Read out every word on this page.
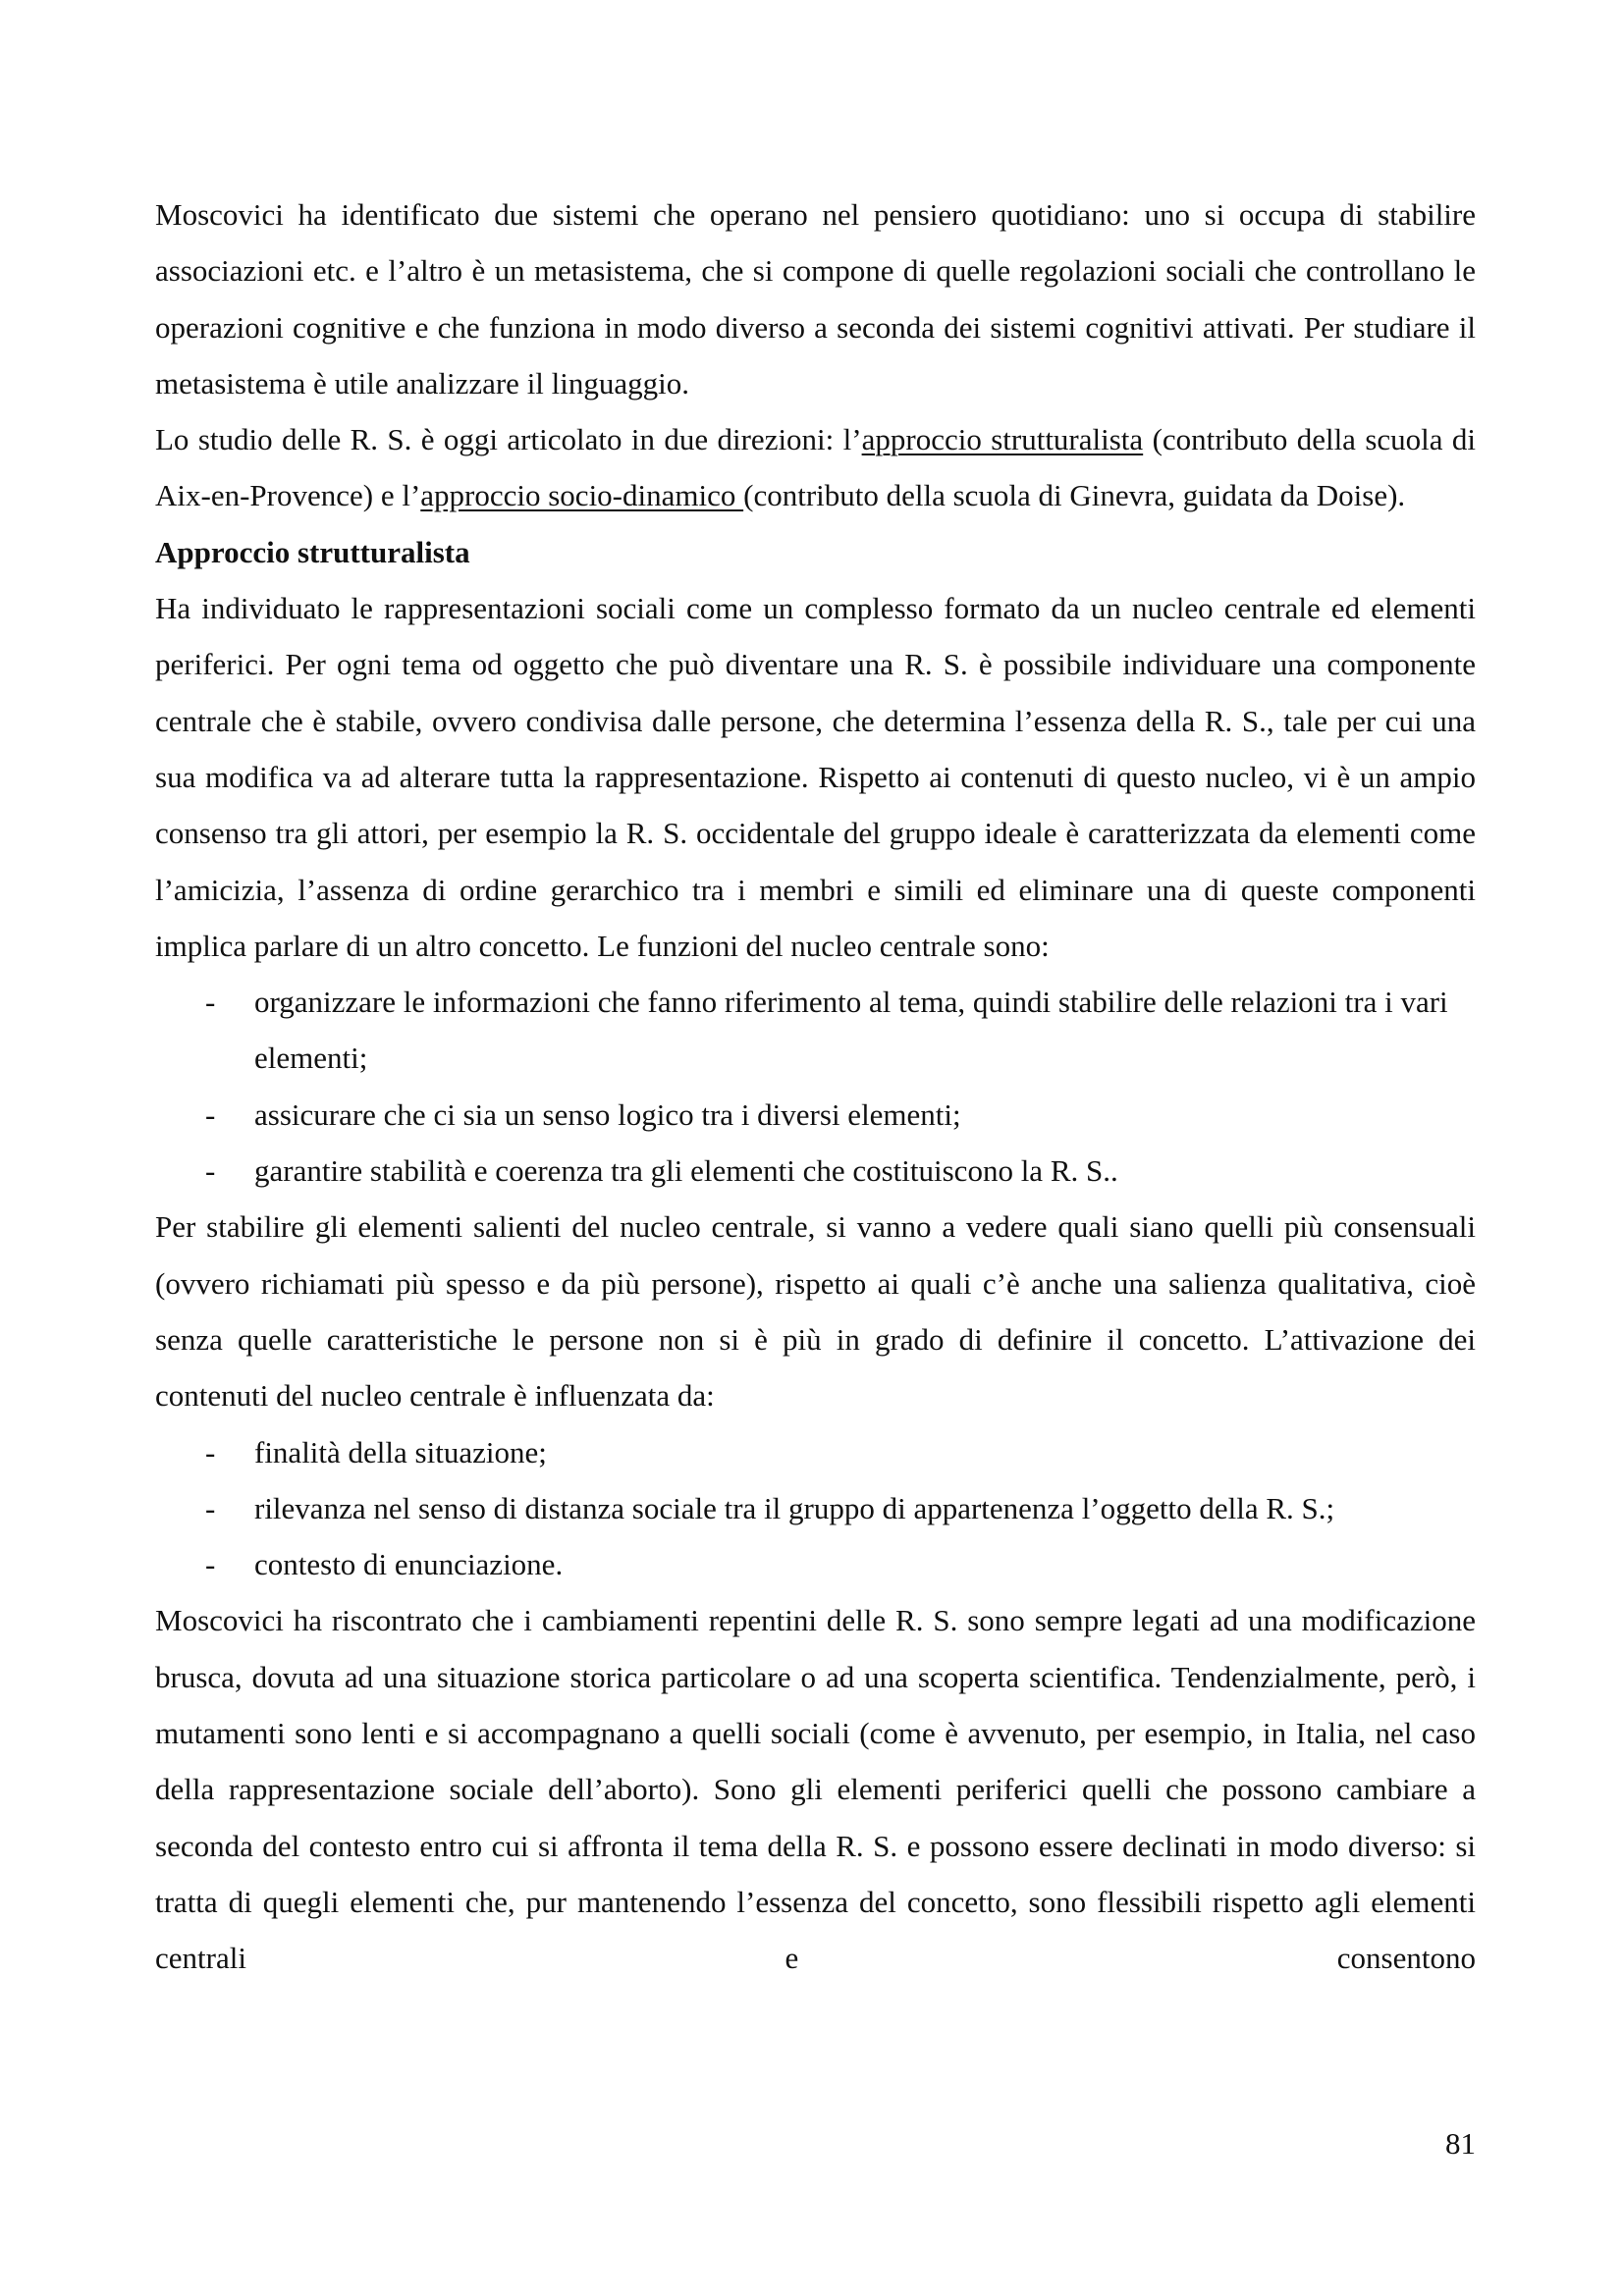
Moscovici ha identificato due sistemi che operano nel pensiero quotidiano: uno si occupa di stabilire associazioni etc. e l’altro è un metasistema, che si compone di quelle regolazioni sociali che controllano le operazioni cognitive e che funziona in modo diverso a seconda dei sistemi cognitivi attivati. Per studiare il metasistema è utile analizzare il linguaggio.

Lo studio delle R. S. è oggi articolato in due direzioni: l’approccio strutturalista (contributo della scuola di Aix-en-Provence) e l’approccio socio-dinamico (contributo della scuola di Ginevra, guidata da Doise).

Approccio strutturalista

Ha individuato le rappresentazioni sociali come un complesso formato da un nucleo centrale ed elementi periferici. Per ogni tema od oggetto che può diventare una R. S. è possibile individuare una componente centrale che è stabile, ovvero condivisa dalle persone, che determina l’essenza della R. S., tale per cui una sua modifica va ad alterare tutta la rappresentazione. Rispetto ai contenuti di questo nucleo, vi è un ampio consenso tra gli attori, per esempio la R. S. occidentale del gruppo ideale è caratterizzata da elementi come l’amicizia, l’assenza di ordine gerarchico tra i membri e simili ed eliminare una di queste componenti implica parlare di un altro concetto. Le funzioni del nucleo centrale sono:

- organizzare le informazioni che fanno riferimento al tema, quindi stabilire delle relazioni tra i vari elementi;
- assicurare che ci sia un senso logico tra i diversi elementi;
- garantire stabilità e coerenza tra gli elementi che costituiscono la R. S..

Per stabilire gli elementi salienti del nucleo centrale, si vanno a vedere quali siano quelli più consensuali (ovvero richiamati più spesso e da più persone), rispetto ai quali c’è anche una salienza qualitativa, cioè senza quelle caratteristiche le persone non si è più in grado di definire il concetto. L’attivazione dei contenuti del nucleo centrale è influenzata da:

- finalità della situazione;
- rilevanza nel senso di distanza sociale tra il gruppo di appartenenza l’oggetto della R. S.;
- contesto di enunciazione.

Moscovici ha riscontrato che i cambiamenti repentini delle R. S. sono sempre legati ad una modificazione brusca, dovuta ad una situazione storica particolare o ad una scoperta scientifica. Tendenzialmente, però, i mutamenti sono lenti e si accompagnano a quelli sociali (come è avvenuto, per esempio, in Italia, nel caso della rappresentazione sociale dell’aborto). Sono gli elementi periferici quelli che possono cambiare a seconda del contesto entro cui si affronta il tema della R. S. e possono essere declinati in modo diverso: si tratta di quegli elementi che, pur mantenendo l’essenza del concetto, sono flessibili rispetto agli elementi centrali e consentono

81
